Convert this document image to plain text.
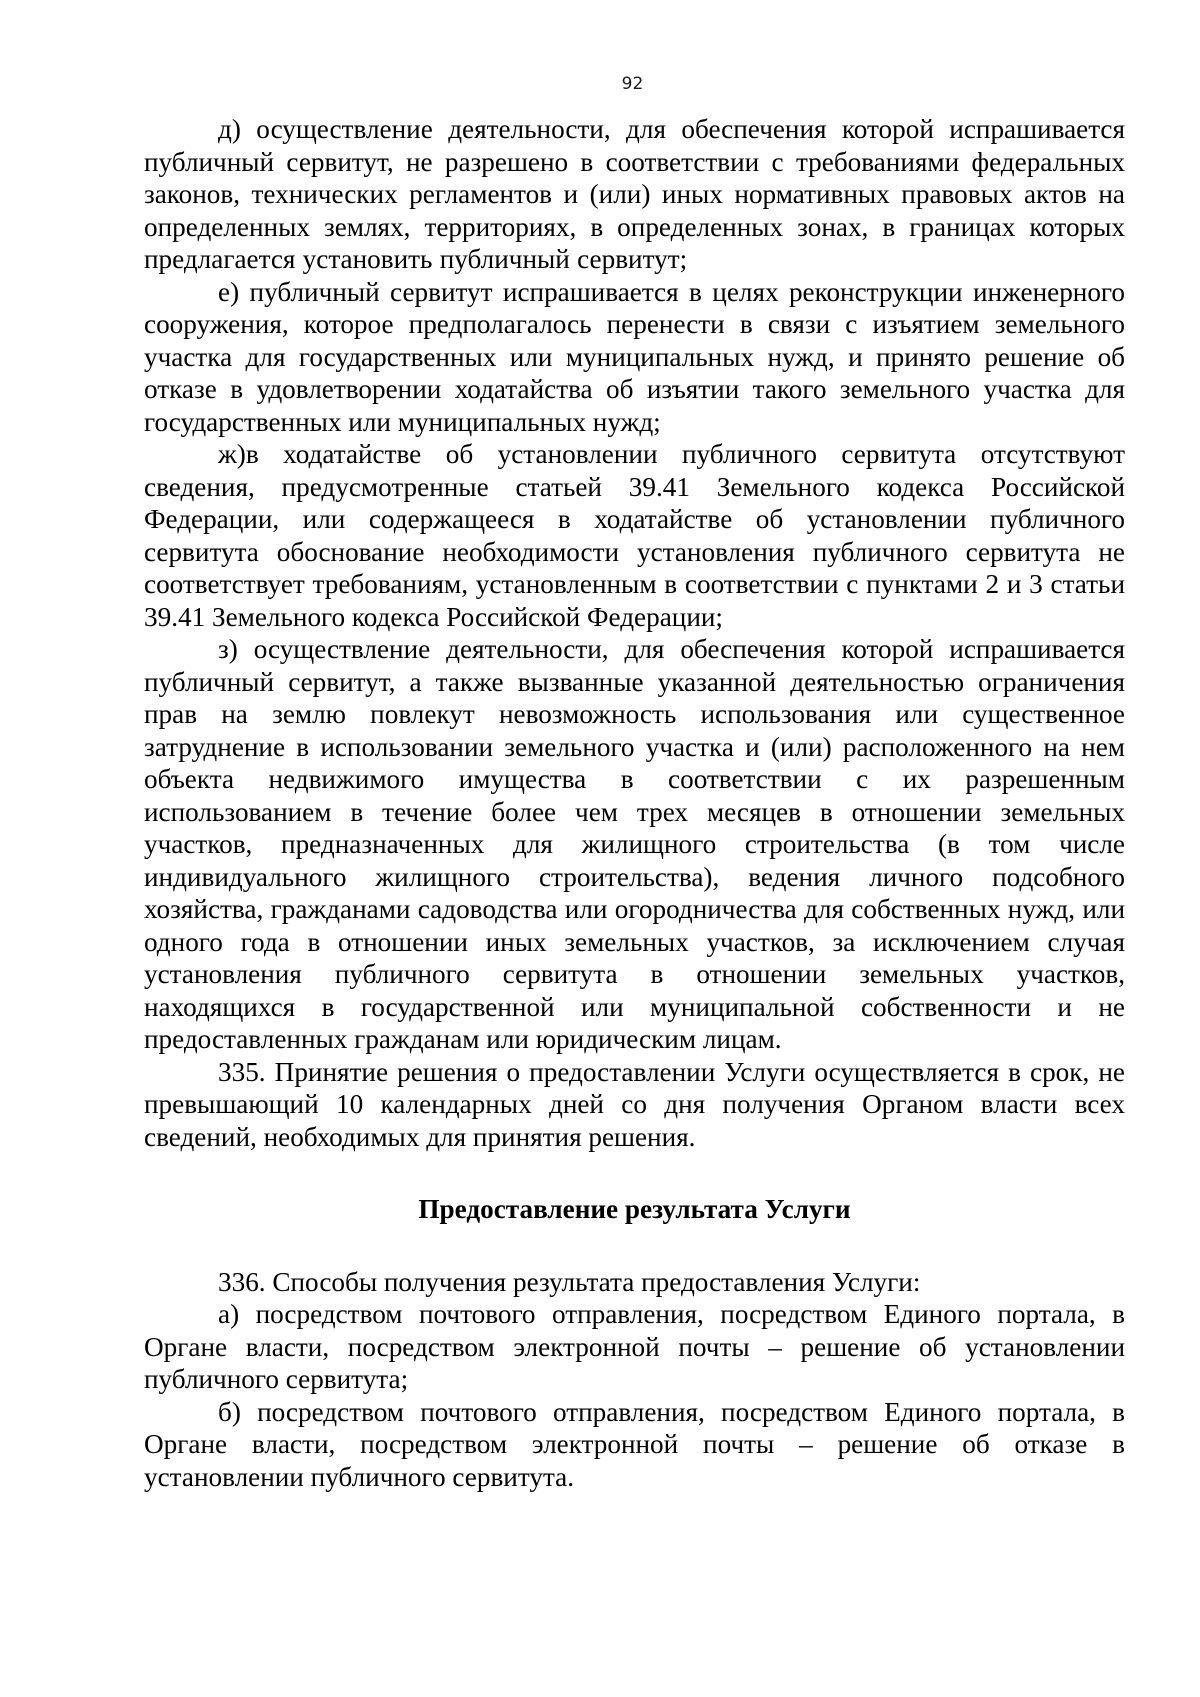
92

д) осуществление деятельности, для обеспечения которой испрашивается публичный сервитут, не разрешено в соответствии с требованиями федеральных законов, технических регламентов и (или) иных нормативных правовых актов на определенных землях, территориях, в определенных зонах, в границах которых предлагается установить публичный сервитут;

е) публичный сервитут испрашивается в целях реконструкции инженерного сооружения, которое предполагалось перенести в связи с изъятием земельного участка для государственных или муниципальных нужд, и принято решение об отказе в удовлетворении ходатайства об изъятии такого земельного участка для государственных или муниципальных нужд;

ж)в ходатайстве об установлении публичного сервитута отсутствуют сведения, предусмотренные статьей 39.41 Земельного кодекса Российской Федерации, или содержащееся в ходатайстве об установлении публичного сервитута обоснование необходимости установления публичного сервитута не соответствует требованиям, установленным в соответствии с пунктами 2 и 3 статьи 39.41 Земельного кодекса Российской Федерации;

з) осуществление деятельности, для обеспечения которой испрашивается публичный сервитут, а также вызванные указанной деятельностью ограничения прав на землю повлекут невозможность использования или существенное затруднение в использовании земельного участка и (или) расположенного на нем объекта недвижимого имущества в соответствии с их разрешенным использованием в течение более чем трех месяцев в отношении земельных участков, предназначенных для жилищного строительства (в том числе индивидуального жилищного строительства), ведения личного подсобного хозяйства, гражданами садоводства или огородничества для собственных нужд, или одного года в отношении иных земельных участков, за исключением случая установления публичного сервитута в отношении земельных участков, находящихся в государственной или муниципальной собственности и не предоставленных гражданам или юридическим лицам.

335. Принятие решения о предоставлении Услуги осуществляется в срок, не превышающий 10 календарных дней со дня получения Органом власти всех сведений, необходимых для принятия решения.

Предоставление результата Услуги

336. Способы получения результата предоставления Услуги:

а) посредством почтового отправления, посредством Единого портала, в Органе власти, посредством электронной почты – решение об установлении публичного сервитута;

б) посредством почтового отправления, посредством Единого портала, в Органе власти, посредством электронной почты – решение об отказе в установлении публичного сервитута.
